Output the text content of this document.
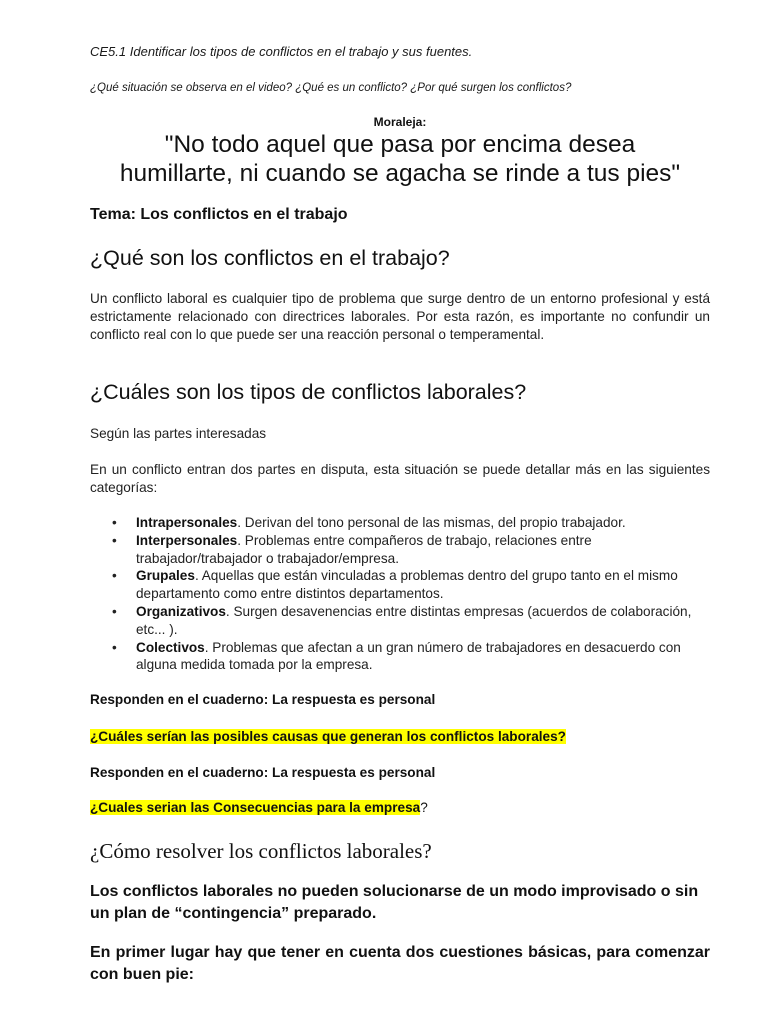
CE5.1 Identificar los tipos de conflictos en el trabajo y sus fuentes.

¿Qué situación se observa en el video? ¿Qué es un conflicto? ¿Por qué surgen los conflictos?

Moraleja:

"No todo aquel que pasa por encima desea
humillarte, ni cuando se agacha se rinde a tus pies"

Tema: Los conflictos en el trabajo

¿Qué son los conflictos en el trabajo?

Un conflicto laboral es cualquier tipo de problema que surge dentro de un entorno profesional y está estrictamente relacionado con directrices laborales. Por esta razón, es importante no confundir un conflicto real con lo que puede ser una reacción personal o temperamental.

¿Cuáles son los tipos de conflictos laborales?

Según las partes interesadas

En un conflicto entran dos partes en disputa, esta situación se puede detallar más en las siguientes categorías:

• Intrapersonales. Derivan del tono personal de las mismas, del propio trabajador.
• Interpersonales. Problemas entre compañeros de trabajo, relaciones entre trabajador/trabajador o trabajador/empresa.
• Grupales. Aquellas que están vinculadas a problemas dentro del grupo tanto en el mismo departamento como entre distintos departamentos.
• Organizativos. Surgen desavenencias entre distintas empresas (acuerdos de colaboración, etc... ).
• Colectivos. Problemas que afectan a un gran número de trabajadores en desacuerdo con alguna medida tomada por la empresa.

Responden en el cuaderno: La respuesta es personal

¿Cuáles serían las posibles causas que generan los conflictos laborales?

Responden en el cuaderno: La respuesta es personal

¿Cuales serian las Consecuencias para la empresa?

¿Cómo resolver los conflictos laborales?

Los conflictos laborales no pueden solucionarse de un modo improvisado o sin un plan de “contingencia” preparado.

En primer lugar hay que tener en cuenta dos cuestiones básicas, para comenzar con buen pie:
